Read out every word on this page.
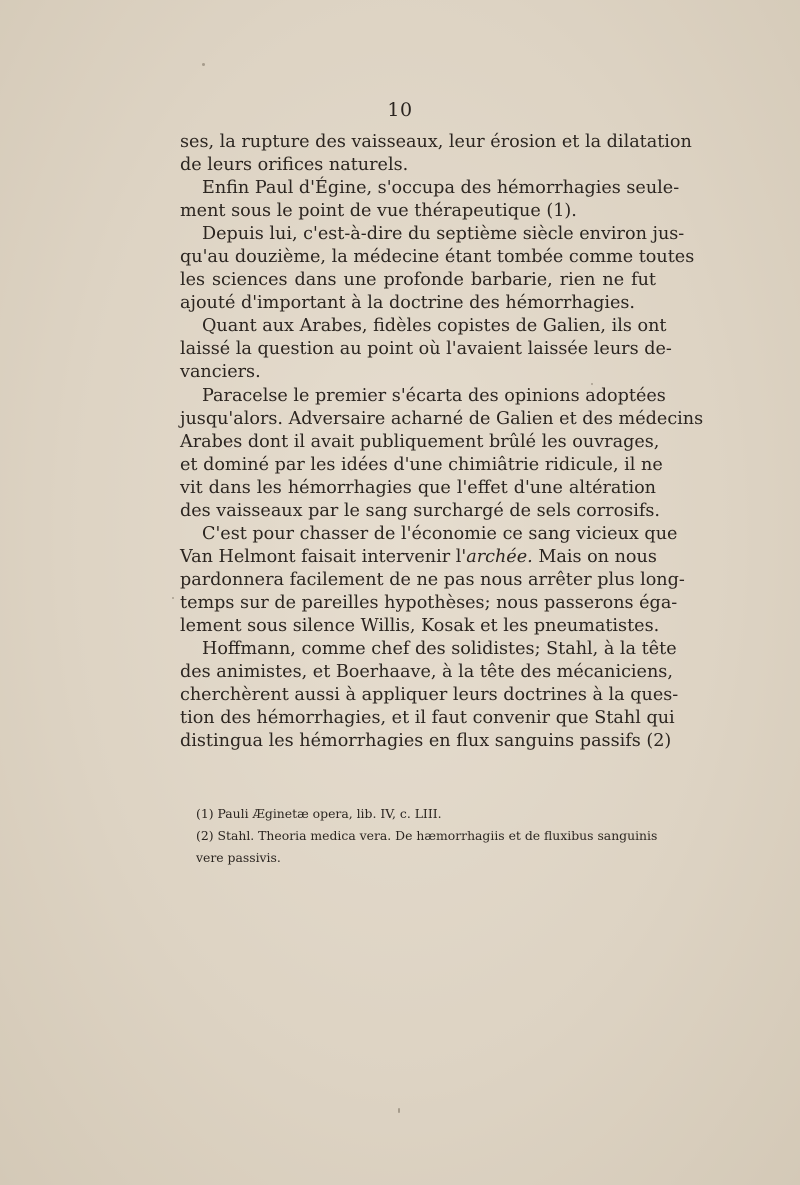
10
ses, la rupture des vaisseaux, leur érosion et la dilatation
de leurs orifices naturels.
Enfin Paul d'Égine, s'occupa des hémorrhagies seule-
ment sous le point de vue thérapeutique (1).
Depuis lui, c'est-à-dire du septième siècle environ jus-
qu'au douzième, la médecine étant tombée comme toutes
les sciences dans une profonde barbarie, rien ne fut
ajouté d'important à la doctrine des hémorrhagies.
Quant aux Arabes, fidèles copistes de Galien, ils ont
laissé la question au point où l'avaient laissée leurs de-
vanciers.
Paracelse le premier s'écarta des opinions adoptées
jusqu'alors. Adversaire acharné de Galien et des médecins
Arabes dont il avait publiquement brûlé les ouvrages,
et dominé par les idées d'une chimiâtrie ridicule, il ne
vit dans les hémorrhagies que l'effet d'une altération
des vaisseaux par le sang surchargé de sels corrosifs.
C'est pour chasser de l'économie ce sang vicieux que
Van Helmont faisait intervenir l'archée. Mais on nous
pardonnera facilement de ne pas nous arrêter plus long-
temps sur de pareilles hypothèses; nous passerons éga-
lement sous silence Willis, Kosak et les pneumatistes.
Hoffmann, comme chef des solidistes; Stahl, à la tête
des animistes, et Boerhaave, à la tête des mécaniciens,
cherchèrent aussi à appliquer leurs doctrines à la ques-
tion des hémorrhagies, et il faut convenir que Stahl qui
distingua les hémorrhagies en flux sanguins passifs (2)
(1) Pauli Æginetæ opera, lib. IV, c. LIII.
(2) Stahl. Theoria medica vera. De hæmorrhagiis et de fluxibus sanguinis
vere passivis.
